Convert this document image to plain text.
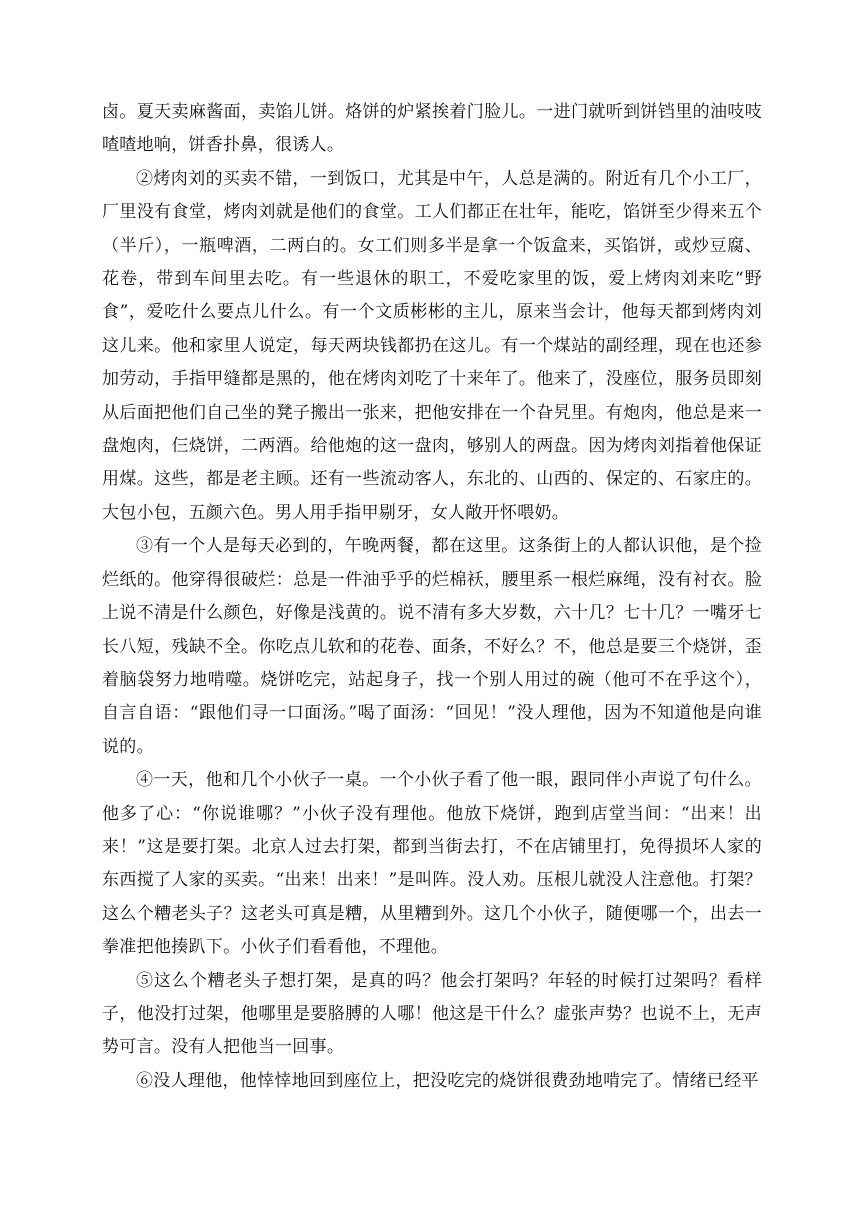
卤。夏天卖麻酱面，卖馅儿饼。烙饼的炉紧挨着门脸儿。一进门就听到饼铛里的油吱吱喳喳地响，饼香扑鼻，很诱人。

②烤肉刘的买卖不错，一到饭口，尤其是中午，人总是满的。附近有几个小工厂，厂里没有食堂，烤肉刘就是他们的食堂。工人们都正在壮年，能吃，馅饼至少得来五个（半斤），一瓶啤酒，二两白的。女工们则多半是拿一个饭盒来，买馅饼，或炒豆腐、花卷，带到车间里去吃。有一些退休的职工，不爱吃家里的饭，爱上烤肉刘来吃“野食”，爱吃什么要点儿什么。有一个文质彬彬的主儿，原来当会计，他每天都到烤肉刘这儿来。他和家里人说定，每天两块钱都扔在这儿。有一个煤站的副经理，现在也还参加劳动，手指甲缝都是黑的，他在烤肉刘吃了十来年了。他来了，没座位，服务员即刻从后面把他们自己坐的凳子搬出一张来，把他安排在一个旮旯里。有炮肉，他总是来一盘炮肉，仨烧饼，二两酒。给他炮的这一盘肉，够别人的两盘。因为烤肉刘指着他保证用煤。这些，都是老主顾。还有一些流动客人，东北的、山西的、保定的、石家庄的。大包小包，五颜六色。男人用手指甲剔牙，女人敞开怀喂奶。

③有一个人是每天必到的，午晚两餐，都在这里。这条街上的人都认识他，是个捡烂纸的。他穿得很破烂：总是一件油乎乎的烂棉袄，腰里系一根烂麻绳，没有衬衣。脸上说不清是什么颜色，好像是浅黄的。说不清有多大岁数，六十几？七十几？一嘴牙七长八短，残缺不全。你吃点儿软和的花卷、面条，不好么？不，他总是要三个烧饼，歪着脑袋努力地啃噬。烧饼吃完，站起身子，找一个别人用过的碗（他可不在乎这个），自言自语：“跟他们寻一口面汤。”喝了面汤：“回见！”没人理他，因为不知道他是向谁说的。

④一天，他和几个小伙子一桌。一个小伙子看了他一眼，跟同伴小声说了句什么。他多了心：“你说谁哪？”小伙子没有理他。他放下烧饼，跑到店堂当间：“出来！出来！”这是要打架。北京人过去打架，都到当街去打，不在店铺里打，免得损坏人家的东西搅了人家的买卖。“出来！出来！”是叫阵。没人劝。压根儿就没人注意他。打架？这么个糟老头子？这老头可真是糟，从里糟到外。这几个小伙子，随便哪一个，出去一拳准把他揍趴下。小伙子们看看他，不理他。

⑤这么个糟老头子想打架，是真的吗？他会打架吗？年轻的时候打过架吗？看样子，他没打过架，他哪里是要胳膊的人哪！他这是干什么？虚张声势？也说不上，无声势可言。没有人把他当一回事。

⑥没人理他，他悻悻地回到座位上，把没吃完的烧饼很费劲地啃完了。情绪已经平
